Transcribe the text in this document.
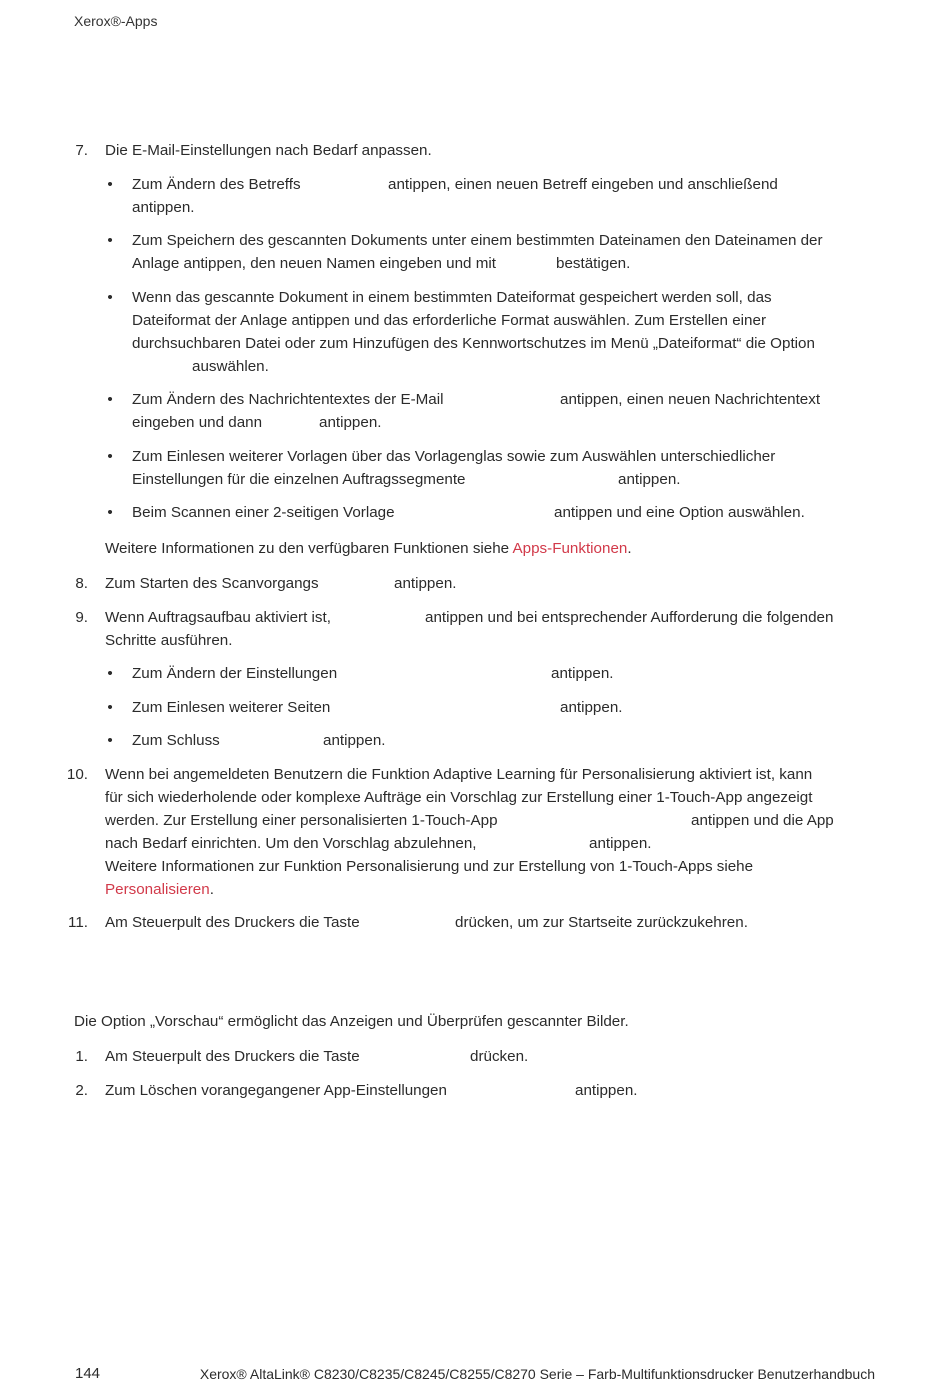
Xerox®-Apps
7. Die E-Mail-Einstellungen nach Bedarf anpassen.
• Zum Ändern des Betreffs	antippen, einen neuen Betreff eingeben und anschließend
antippen.
• Zum Speichern des gescannten Dokuments unter einem bestimmten Dateinamen den Dateinamen der
Anlage antippen, den neuen Namen eingeben und mit	bestätigen.
• Wenn das gescannte Dokument in einem bestimmten Dateiformat gespeichert werden soll, das
Dateiformat der Anlage antippen und das erforderliche Format auswählen. Zum Erstellen einer
durchsuchbaren Datei oder zum Hinzufügen des Kennwortschutzes im Menü „Dateiformat“ die Option
auswählen.
• Zum Ändern des Nachrichtentextes der E-Mail	antippen, einen neuen Nachrichtentext
eingeben und dann	antippen.
• Zum Einlesen weiterer Vorlagen über das Vorlagenglas sowie zum Auswählen unterschiedlicher
Einstellungen für die einzelnen Auftragssegmente	antippen.
• Beim Scannen einer 2-seitigen Vorlage	antippen und eine Option auswählen.
Weitere Informationen zu den verfügbaren Funktionen siehe Apps-Funktionen.
8. Zum Starten des Scanvorgangs	antippen.
9. Wenn Auftragsaufbau aktiviert ist,	antippen und bei entsprechender Aufforderung die folgenden
Schritte ausführen.
• Zum Ändern der Einstellungen	antippen.
• Zum Einlesen weiterer Seiten	antippen.
• Zum Schluss	antippen.
10. Wenn bei angemeldeten Benutzern die Funktion Adaptive Learning für Personalisierung aktiviert ist, kann
für sich wiederholende oder komplexe Aufträge ein Vorschlag zur Erstellung einer 1-Touch-App angezeigt
werden. Zur Erstellung einer personalisierten 1-Touch-App	antippen und die App
nach Bedarf einrichten. Um den Vorschlag abzulehnen,	antippen.
Weitere Informationen zur Funktion Personalisierung und zur Erstellung von 1-Touch-Apps siehe
Personalisieren.
11. Am Steuerpult des Druckers die Taste	drücken, um zur Startseite zurückzukehren.
Die Option „Vorschau“ ermöglicht das Anzeigen und Überprüfen gescannter Bilder.
1. Am Steuerpult des Druckers die Taste	drücken.
2. Zum Löschen vorangegangener App-Einstellungen	antippen.
144	Xerox® AltaLink® C8230/C8235/C8245/C8255/C8270 Serie – Farb-Multifunktionsdrucker Benutzerhandbuch
